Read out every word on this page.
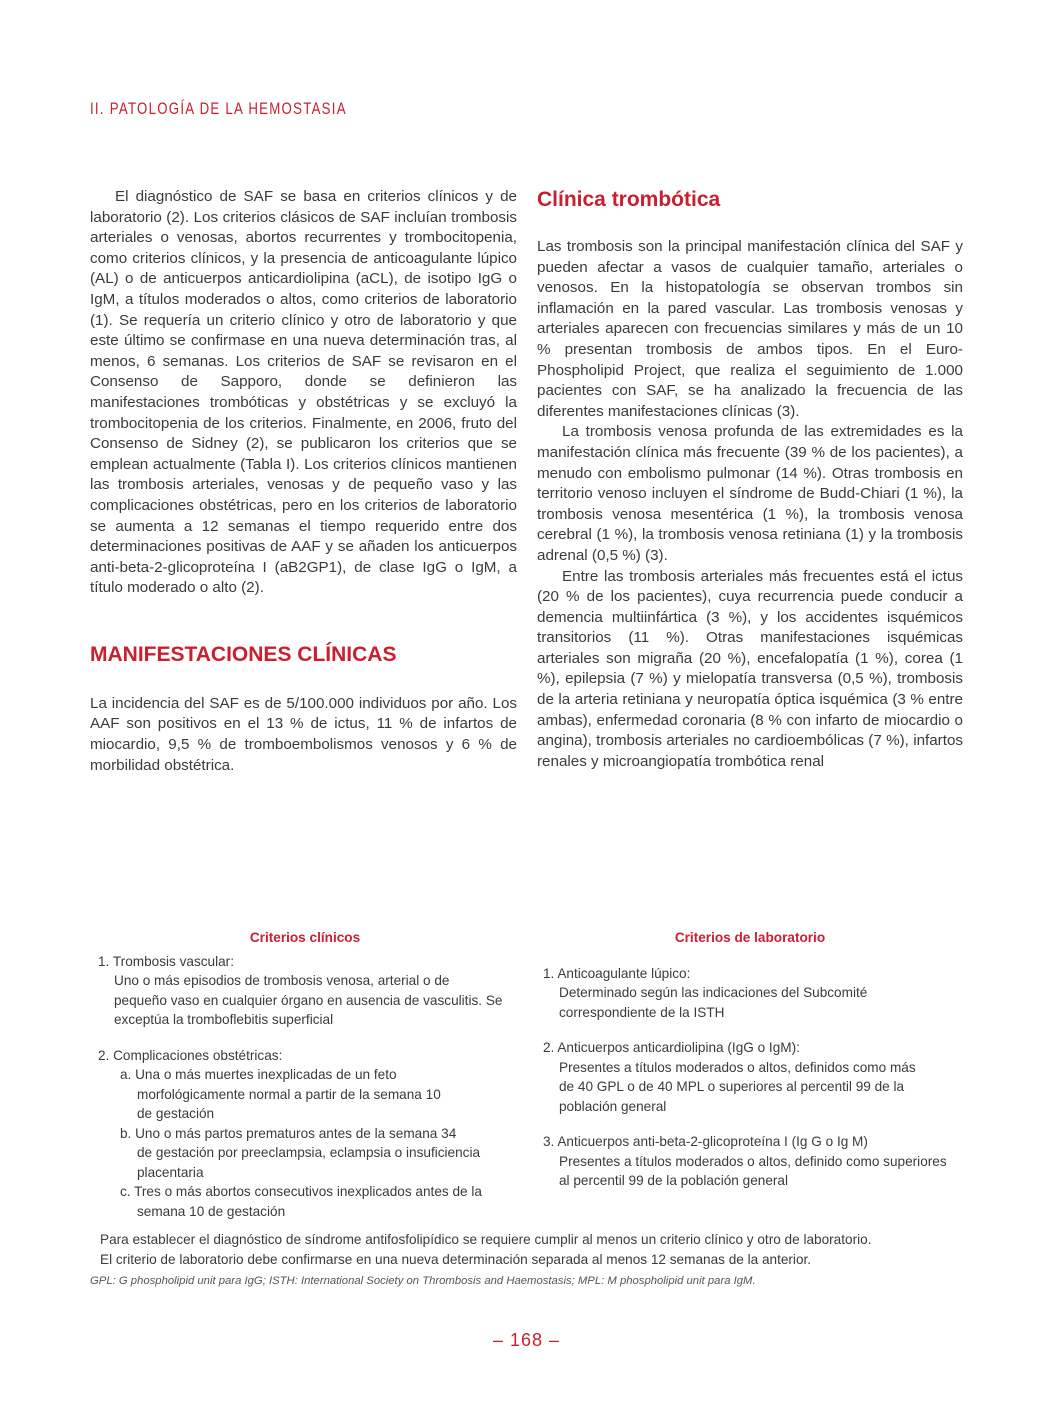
II. PATOLOGÍA DE LA HEMOSTASIA

El diagnóstico de SAF se basa en criterios clínicos y de laboratorio (2). Los criterios clásicos de SAF incluían trombosis arteriales o venosas, abortos recurrentes y trombocitopenia, como criterios clínicos, y la presencia de anticoagulante lúpico (AL) o de anticuerpos anticardiolipina (aCL), de isotipo IgG o IgM, a títulos moderados o altos, como criterios de laboratorio (1). Se requería un criterio clínico y otro de laboratorio y que este último se confirmase en una nueva determinación tras, al menos, 6 semanas. Los criterios de SAF se revisaron en el Consenso de Sapporo, donde se definieron las manifestaciones trombóticas y obstétricas y se excluyó la trombocitopenia de los criterios. Finalmente, en 2006, fruto del Consenso de Sidney (2), se publicaron los criterios que se emplean actualmente (Tabla I). Los criterios clínicos mantienen las trombosis arteriales, venosas y de pequeño vaso y las complicaciones obstétricas, pero en los criterios de laboratorio se aumenta a 12 semanas el tiempo requerido entre dos determinaciones positivas de AAF y se añaden los anticuerpos anti-beta-2-glicoproteína I (aB2GP1), de clase IgG o IgM, a título moderado o alto (2).

MANIFESTACIONES CLÍNICAS

La incidencia del SAF es de 5/100.000 individuos por año. Los AAF son positivos en el 13 % de ictus, 11 % de infartos de miocardio, 9,5 % de tromboembolismos venosos y 6 % de morbilidad obstétrica.

Clínica trombótica

Las trombosis son la principal manifestación clínica del SAF y pueden afectar a vasos de cualquier tamaño, arteriales o venosos. En la histopatología se observan trombos sin inflamación en la pared vascular. Las trombosis venosas y arteriales aparecen con frecuencias similares y más de un 10 % presentan trombosis de ambos tipos. En el Euro-Phospholipid Project, que realiza el seguimiento de 1.000 pacientes con SAF, se ha analizado la frecuencia de las diferentes manifestaciones clínicas (3).

La trombosis venosa profunda de las extremidades es la manifestación clínica más frecuente (39 % de los pacientes), a menudo con embolismo pulmonar (14 %). Otras trombosis en territorio venoso incluyen el síndrome de Budd-Chiari (1 %), la trombosis venosa mesentérica (1 %), la trombosis venosa cerebral (1 %), la trombosis venosa retiniana (1) y la trombosis adrenal (0,5 %) (3).

Entre las trombosis arteriales más frecuentes está el ictus (20 % de los pacientes), cuya recurrencia puede conducir a demencia multiinfártica (3 %), y los accidentes isquémicos transitorios (11 %). Otras manifestaciones isquémicas arteriales son migraña (20 %), encefalopatía (1 %), corea (1 %), epilepsia (7 %) y mielopatía transversa (0,5 %), trombosis de la arteria retiniana y neuropatía óptica isquémica (3 % entre ambas), enfermedad coronaria (8 % con infarto de miocardio o angina), trombosis arteriales no cardioembólicas (7 %), infartos renales y microangiopatía trombótica renal

Criterios clínicos
1. Trombosis vascular:
Uno o más episodios de trombosis venosa, arterial o de
pequeño vaso en cualquier órgano en ausencia de vasculitis. Se
exceptúa la tromboflebitis superficial
2. Complicaciones obstétricas:
a. Una o más muertes inexplicadas de un feto
morfológicamente normal a partir de la semana 10
de gestación
b. Uno o más partos prematuros antes de la semana 34
de gestación por preeclampsia, eclampsia o insuficiencia
placentaria
c. Tres o más abortos consecutivos inexplicados antes de la
semana 10 de gestación
Criterios de laboratorio
1. Anticoagulante lúpico:
Determinado según las indicaciones del Subcomité
correspondiente de la ISTH
2. Anticuerpos anticardiolipina (IgG o IgM):
Presentes a títulos moderados o altos, definidos como más
de 40 GPL o de 40 MPL o superiores al percentil 99 de la
población general
3. Anticuerpos anti-beta-2-glicoproteína I (Ig G o Ig M)
Presentes a títulos moderados o altos, definido como superiores
al percentil 99 de la población general
Para establecer el diagnóstico de síndrome antifosfolipídico se requiere cumplir al menos un criterio clínico y otro de laboratorio.
El criterio de laboratorio debe confirmarse en una nueva determinación separada al menos 12 semanas de la anterior.
GPL: G phospholipid unit para IgG; ISTH: International Society on Thrombosis and Haemostasis; MPL: M phospholipid unit para IgM.
– 168 –
